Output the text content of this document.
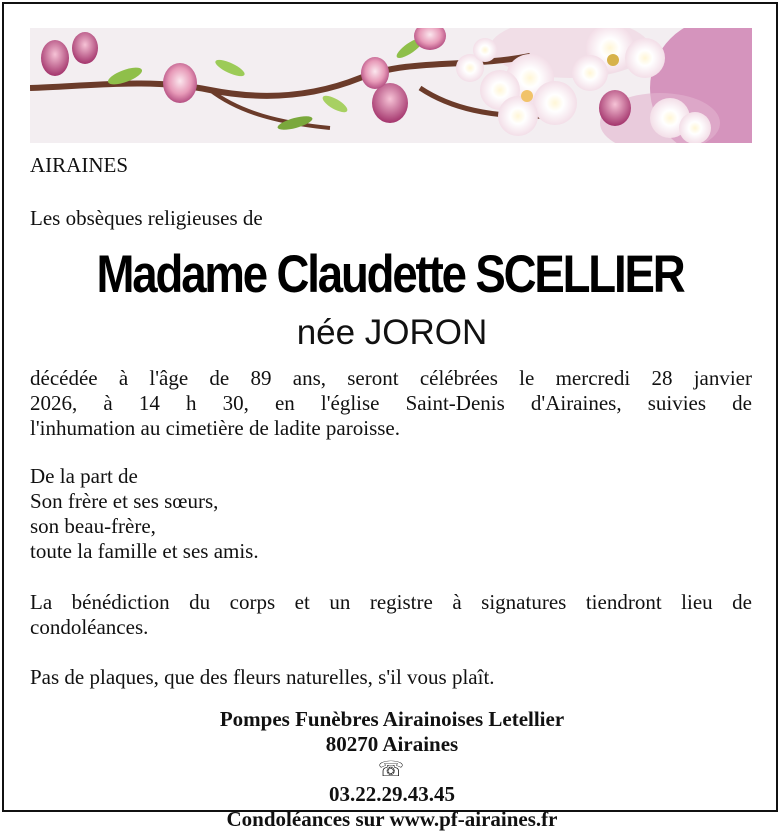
AIRAINES

Les obsèques religieuses de

Madame Claudette SCELLIER

née JORON

décédée à l'âge de 89 ans, seront célébrées le mercredi 28 janvier
2026, à 14 h 30, en l'église Saint-Denis d'Airaines, suivies de
l'inhumation au cimetière de ladite paroisse.

De la part de
Son frère et ses sœurs,
son beau-frère,
toute la famille et ses amis.

La bénédiction du corps et un registre à signatures tiendront lieu de
condoléances.

Pas de plaques, que des fleurs naturelles, s'il vous plaît.

Pompes Funèbres Airainoises Letellier
80270 Airaines
☏
03.22.29.43.45
Condoléances sur www.pf-airaines.fr
